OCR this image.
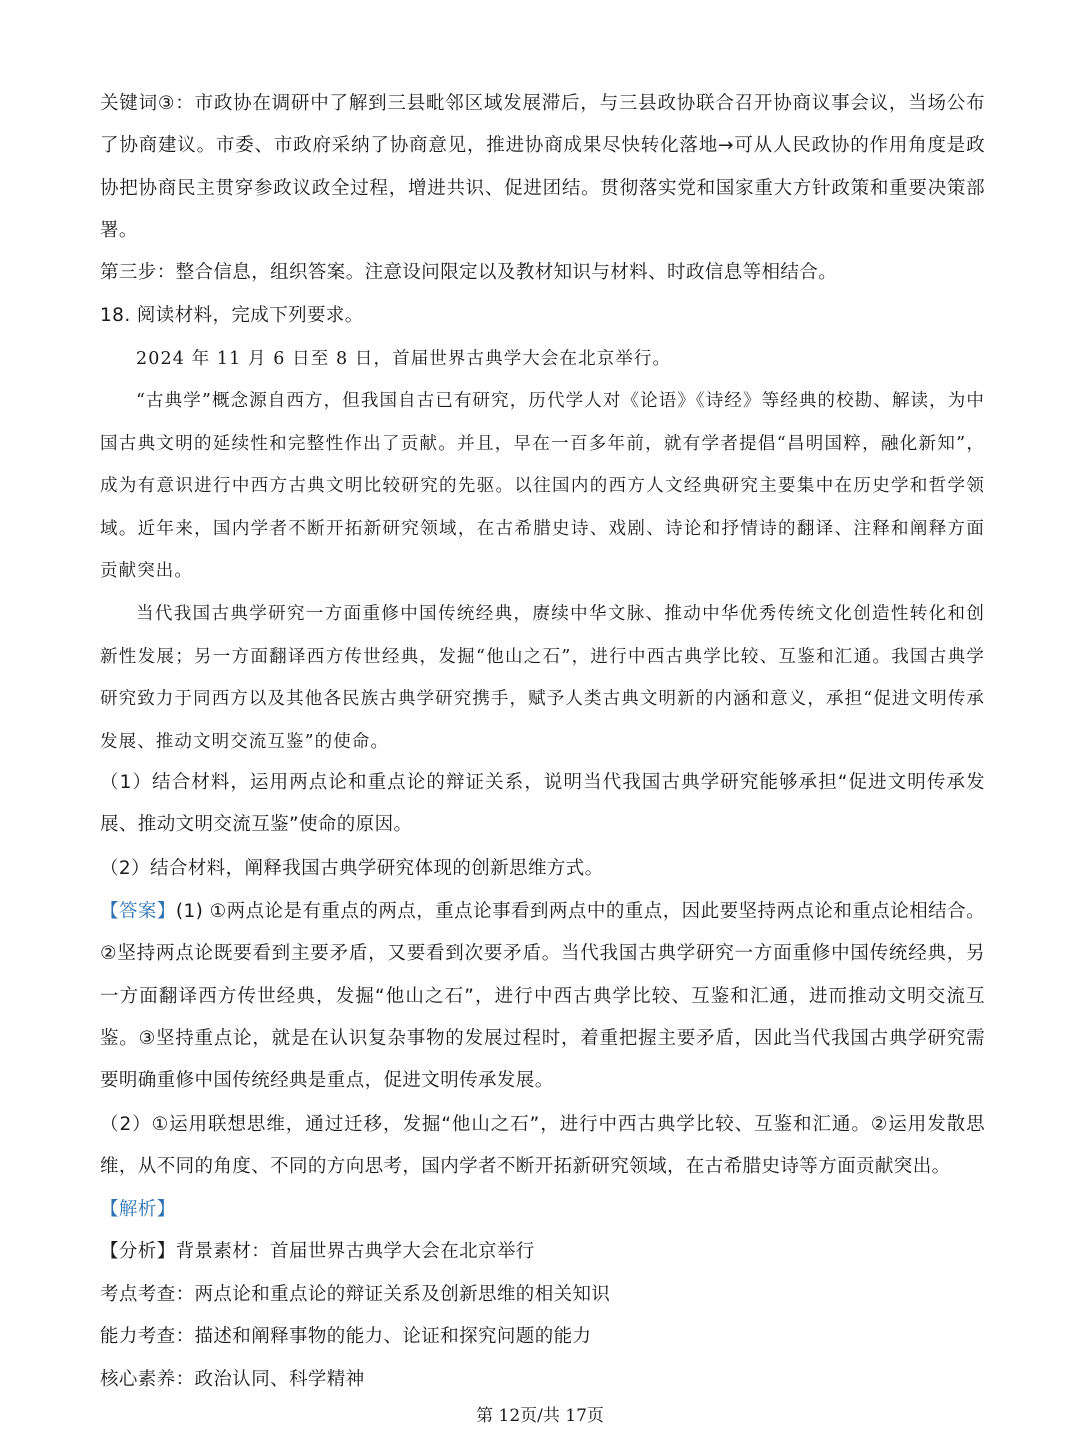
关键词③：市政协在调研中了解到三县毗邻区域发展滞后，与三县政协联合召开协商议事会议，当场公布了协商建议。市委、市政府采纳了协商意见，推进协商成果尽快转化落地→可从人民政协的作用角度是政协把协商民主贯穿参政议政全过程，增进共识、促进团结。贯彻落实党和国家重大方针政策和重要决策部署。

第三步：整合信息，组织答案。注意设问限定以及教材知识与材料、时政信息等相结合。

18. 阅读材料，完成下列要求。

2024 年 11 月 6 日至 8 日，首届世界古典学大会在北京举行。

“古典学”概念源自西方，但我国自古已有研究，历代学人对《论语》《诗经》等经典的校勘、解读，为中国古典文明的延续性和完整性作出了贡献。并且，早在一百多年前，就有学者提倡“昌明国粹，融化新知”，成为有意识进行中西方古典文明比较研究的先驱。以往国内的西方人文经典研究主要集中在历史学和哲学领域。近年来，国内学者不断开拓新研究领域，在古希腊史诗、戏剧、诗论和抒情诗的翻译、注释和阐释方面贡献突出。

当代我国古典学研究一方面重修中国传统经典，赓续中华文脉、推动中华优秀传统文化创造性转化和创新性发展；另一方面翻译西方传世经典，发掘“他山之石”，进行中西古典学比较、互鉴和汇通。我国古典学研究致力于同西方以及其他各民族古典学研究携手，赋予人类古典文明新的内涵和意义，承担“促进文明传承发展、推动文明交流互鉴”的使命。

（1）结合材料，运用两点论和重点论的辩证关系，说明当代我国古典学研究能够承担“促进文明传承发展、推动文明交流互鉴”使命的原因。

（2）结合材料，阐释我国古典学研究体现的创新思维方式。

【答案】(1) ①两点论是有重点的两点，重点论事看到两点中的重点，因此要坚持两点论和重点论相结合。②坚持两点论既要看到主要矛盾，又要看到次要矛盾。当代我国古典学研究一方面重修中国传统经典，另一方面翻译西方传世经典，发掘“他山之石”，进行中西古典学比较、互鉴和汇通，进而推动文明交流互鉴。③坚持重点论，就是在认识复杂事物的发展过程时，着重把握主要矛盾，因此当代我国古典学研究需要明确重修中国传统经典是重点，促进文明传承发展。

（2）①运用联想思维，通过迁移，发掘“他山之石”，进行中西古典学比较、互鉴和汇通。②运用发散思维，从不同的角度、不同的方向思考，国内学者不断开拓新研究领域，在古希腊史诗等方面贡献突出。

【解析】

【分析】背景素材：首届世界古典学大会在北京举行

考点考查：两点论和重点论的辩证关系及创新思维的相关知识

能力考查：描述和阐释事物的能力、论证和探究问题的能力

核心素养：政治认同、科学精神

第 12页/共 17页
